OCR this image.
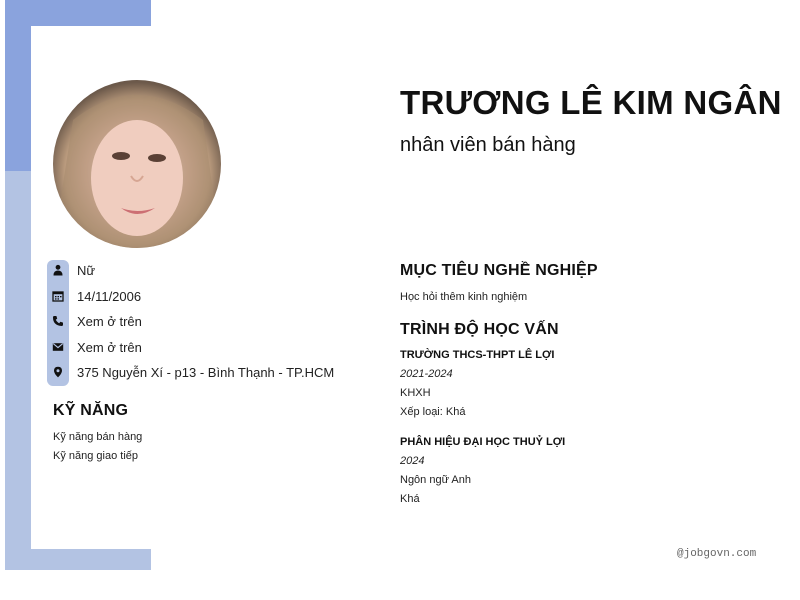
Nữ
14/11/2006
Xem ở trên
Xem ở trên
375 Nguyễn Xí - p13 - Bình Thạnh - TP.HCM
KỸ NĂNG
Kỹ năng bán hàng
Kỹ năng giao tiếp
TRƯƠNG LÊ KIM NGÂN
nhân viên bán hàng
MỤC TIÊU NGHỀ NGHIỆP
Học hỏi thêm kinh nghiệm
TRÌNH ĐỘ HỌC VẤN
TRƯỜNG THCS-THPT LÊ LỢI
2021-2024
KHXH
Xếp loại: Khá
PHÂN HIỆU ĐẠI HỌC THUỶ LỢI
2024
Ngôn ngữ Anh
Khá
@jobgovn.com
